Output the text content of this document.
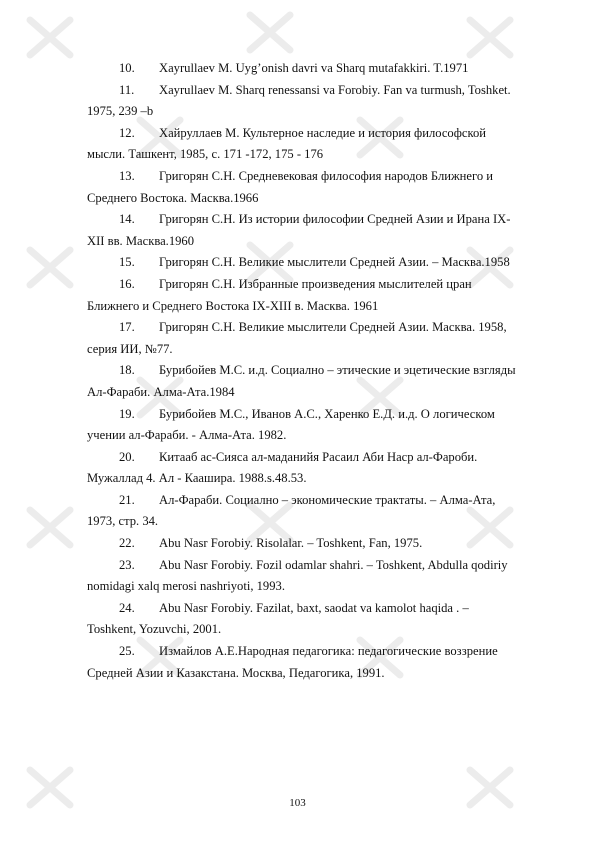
10. Xayrullaev M. Uyg’onish davri va Sharq mutafakkiri. T.1971

11. Xayrullaev M. Sharq renessansi va Forobiy. Fan va turmush, Toshket.
1975, 239 –b

12. Хайруллаев М. Культерное наследие и история философской
мысли. Ташкент, 1985, с. 171 -172, 175 - 176

13. Григорян С.Н. Средневековая философия народов Ближнего и
Среднего Востока. Масква.1966

14. Григорян С.Н. Из истории философии Средней Азии и Ирана IX-
XII вв. Масква.1960

15. Григорян С.Н. Великие мыслители Средней Азии. – Масква.1958

16. Григорян С.Н. Избранные произведения мыслителей цран
Ближнего и Среднего Востока IX-XIII в. Масква. 1961

17. Григорян С.Н. Великие мыслители Средней Азии. Масква. 1958,
серия ИИ, №77.

18. Бурибойев М.С. и.д. Социално – этические и эцетические взгляды
Ал-Фараби. Алма-Ата.1984

19. Бурибойев М.С., Иванов А.С., Харенко Е.Д. и.д. О логическом
учении ал-Фараби. - Алма-Ата. 1982.

20. Китааб ас-Сияса ал-маданийя Расаил Аби Наср ал-Фароби.
Мужаллад 4. Ал - Каашира. 1988.s.48.53.

21. Ал-Фараби. Социално – экономические трактаты. – Алма-Ата,
1973, стр. 34.

22. Abu Nasr Forobiy. Risolalar. – Toshkent, Fan, 1975.

23. Abu Nasr Forobiy. Fozil odamlar shahri. – Toshkent, Abdulla qodiriy
nomidagi xalq merosi nashriyoti, 1993.

24. Abu Nasr Forobiy. Fazilat, baxt, saodat va kamolot haqida . –
Toshkent, Yozuvchi, 2001.

25. Измайлов А.Е.Народная педагогика: педагогические воззрение
Средней Азии и Казакстана. Москва, Педагогика, 1991.

103
